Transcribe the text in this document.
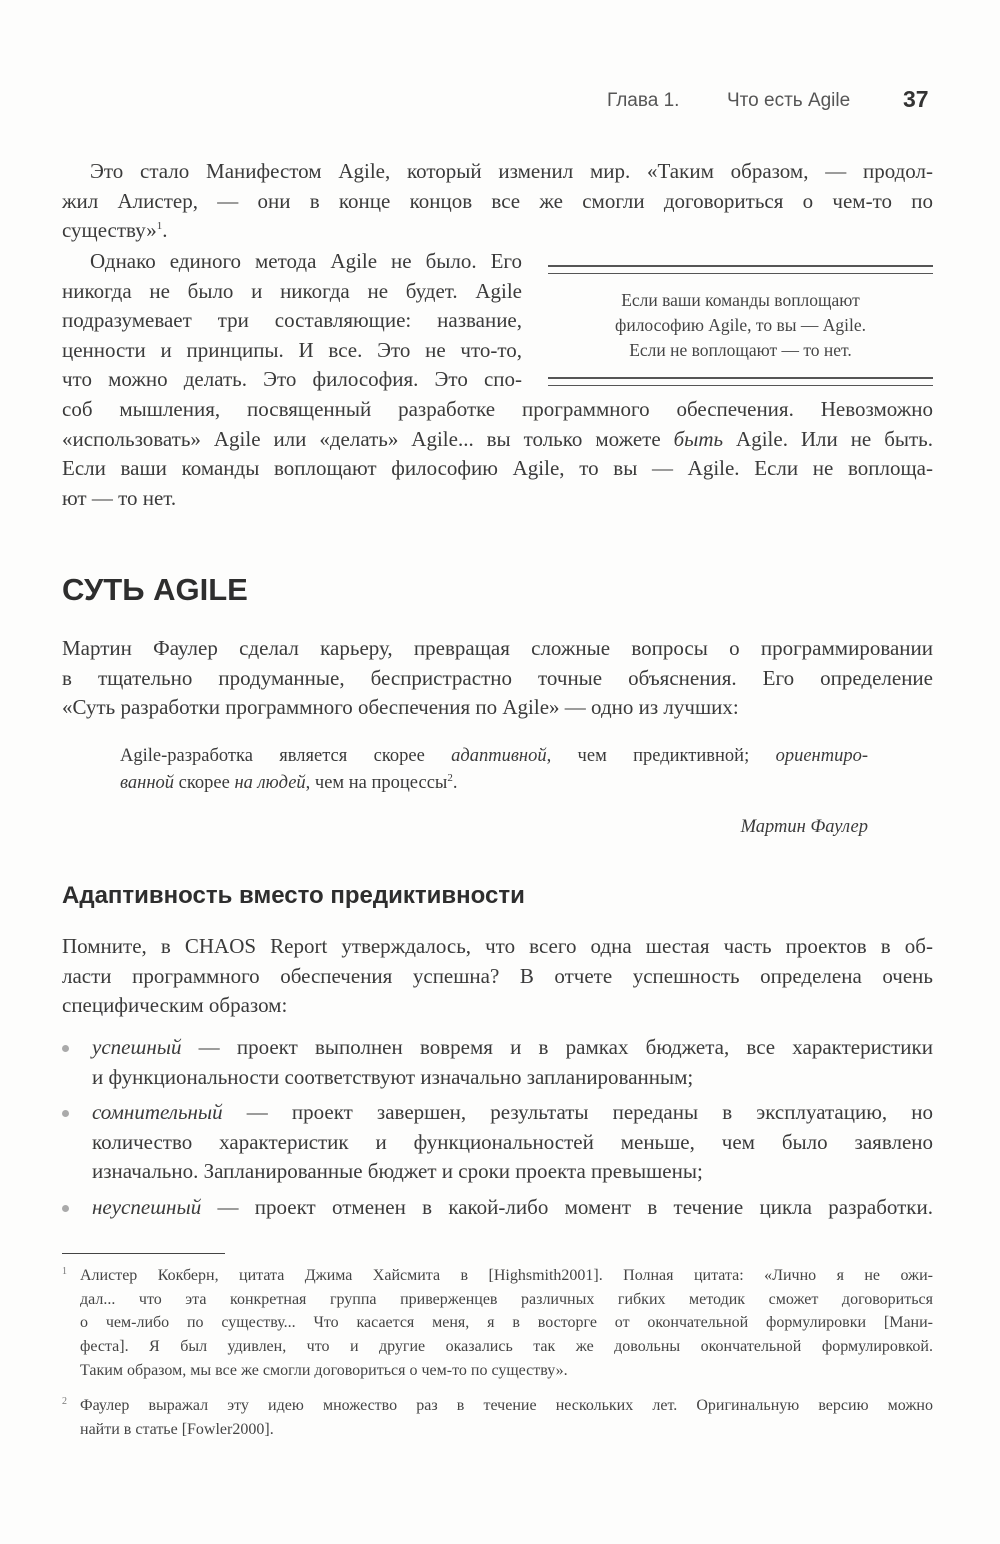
Глава 1.	Что есть Agile 37
Это стало Манифестом Agile, который изменил мир. «Таким образом, — продол-
жил Алистер, — они в конце концов все же смогли договориться о чем-то по
существу»$^1$.
Однако единого метода Agile не было. Его
никогда не было и никогда не будет. Agile
подразумевает три составляющие: название,
ценности и принципы. И все. Это не что-то,
что можно делать. Это философия. Это спо-
соб мышления, посвященный разработке программного обеспечения. Невозможно
«использовать» Agile или «делать» Agile... вы только можете быть Agile. Или не быть.
Если ваши команды воплощают философию Agile, то вы — Agile. Если не воплоща-
ют — то нет.
Если ваши команды воплощают
философию Agile, то вы — Agile.
Если не воплощают — то нет.
СУТЬ AGILE
Мартин Фаулер сделал карьеру, превращая сложные вопросы о программировании
в тщательно продуманные, беспристрастно точные объяснения. Его определение
«Суть разработки программного обеспечения по Agile» — одно из лучших:
Agile-разработка является скорее адаптивной, чем предиктивной; ориентиро-
ванной скорее на людей, чем на процессы$^2$.
Мартин Фаулер
Адаптивность вместо предиктивности
Помните, в CHAOS Report утверждалось, что всего одна шестая часть проектов в об-
ласти программного обеспечения успешна? В отчете успешность определена очень
специфическим образом:
успешный — проект выполнен вовремя и в рамках бюджета, все характеристики
и функциональности соответствуют изначально запланированным;
сомнительный — проект завершен, результаты переданы в эксплуатацию, но
количество характеристик и функциональностей меньше, чем было заявлено
изначально. Запланированные бюджет и сроки проекта превышены;
неуспешный — проект отменен в какой-либо момент в течение цикла разработки.
1 Алистер Кокберн, цитата Джима Хайсмита в [Highsmith2001]. Полная цитата: «Лично я не ожи-
дал... что эта конкретная группа приверженцев различных гибких методик сможет договориться
о чем-либо по существу... Что касается меня, я в восторге от окончательной формулировки [Мани-
феста]. Я был удивлен, что и другие оказались так же довольны окончательной формулировкой.
Таким образом, мы все же смогли договориться о чем-то по существу».
2 Фаулер выражал эту идею множество раз в течение нескольких лет. Оригинальную версию можно
найти в статье [Fowler2000].
